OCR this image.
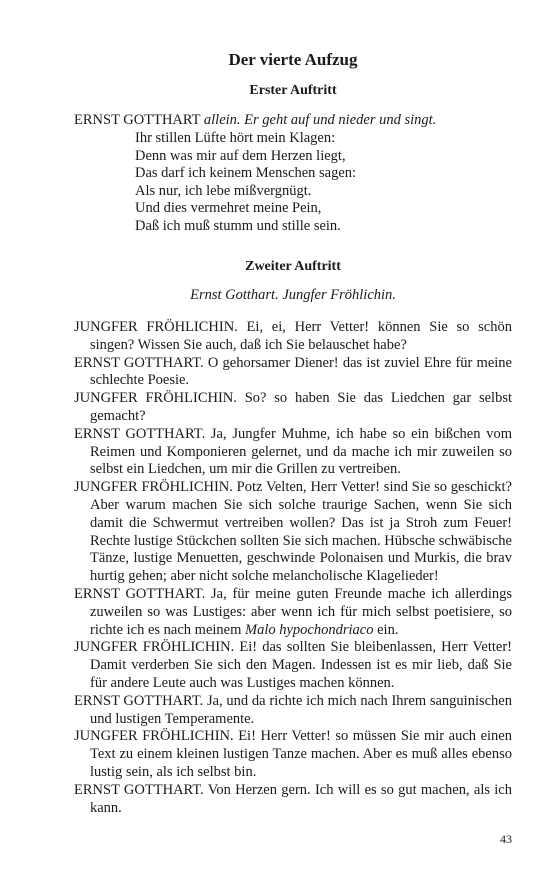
Der vierte Aufzug
Erster Auftritt

ERNST GOTTHART allein. Er geht auf und nieder und singt.

Ihr stillen Lüfte hört mein Klagen:

Denn was mir auf dem Herzen liegt,

Das darf ich keinem Menschen sagen:

Als nur, ich lebe mißvergnügt.

Und dies vermehret meine Pein,

Daß ich muß stumm und stille sein.

Zweiter Auftritt

Ernst Gotthart. Jungfer Fröhlichin.

JUNGFER FRÖHLICHIN. Ei, ei, Herr Vetter! können Sie so schön singen? Wissen Sie auch, daß ich Sie belauschet habe?

ERNST GOTTHART. O gehorsamer Diener! das ist zuviel Ehre für meine schlechte Poesie.

JUNGFER FRÖHLICHIN. So? so haben Sie das Liedchen gar selbst gemacht?

ERNST GOTTHART. Ja, Jungfer Muhme, ich habe so ein bißchen vom Reimen und Komponieren gelernet, und da mache ich mir zuweilen so selbst ein Liedchen, um mir die Grillen zu vertreiben.

JUNGFER FRÖHLICHIN. Potz Velten, Herr Vetter! sind Sie so geschickt? Aber warum machen Sie sich solche traurige Sachen, wenn Sie sich damit die Schwermut vertreiben wollen? Das ist ja Stroh zum Feuer! Rechte lustige Stückchen sollten Sie sich machen. Hübsche schwäbische Tänze, lustige Menuetten, geschwinde Polonaisen und Murkis, die brav hurtig gehen; aber nicht solche melancholische Klagelieder!

ERNST GOTTHART. Ja, für meine guten Freunde mache ich allerdings zuweilen so was Lustiges: aber wenn ich für mich selbst poetisiere, so richte ich es nach meinem Malo hypochondriaco ein.

JUNGFER FRÖHLICHIN. Ei! das sollten Sie bleibenlassen, Herr Vetter! Damit verderben Sie sich den Magen. Indessen ist es mir lieb, daß Sie für andere Leute auch was Lustiges machen können.

ERNST GOTTHART. Ja, und da richte ich mich nach Ihrem sanguinischen und lustigen Temperamente.

JUNGFER FRÖHLICHIN. Ei! Herr Vetter! so müssen Sie mir auch einen Text zu einem kleinen lustigen Tanze machen. Aber es muß alles ebenso lustig sein, als ich selbst bin.

ERNST GOTTHART. Von Herzen gern. Ich will es so gut machen, als ich kann.

43
